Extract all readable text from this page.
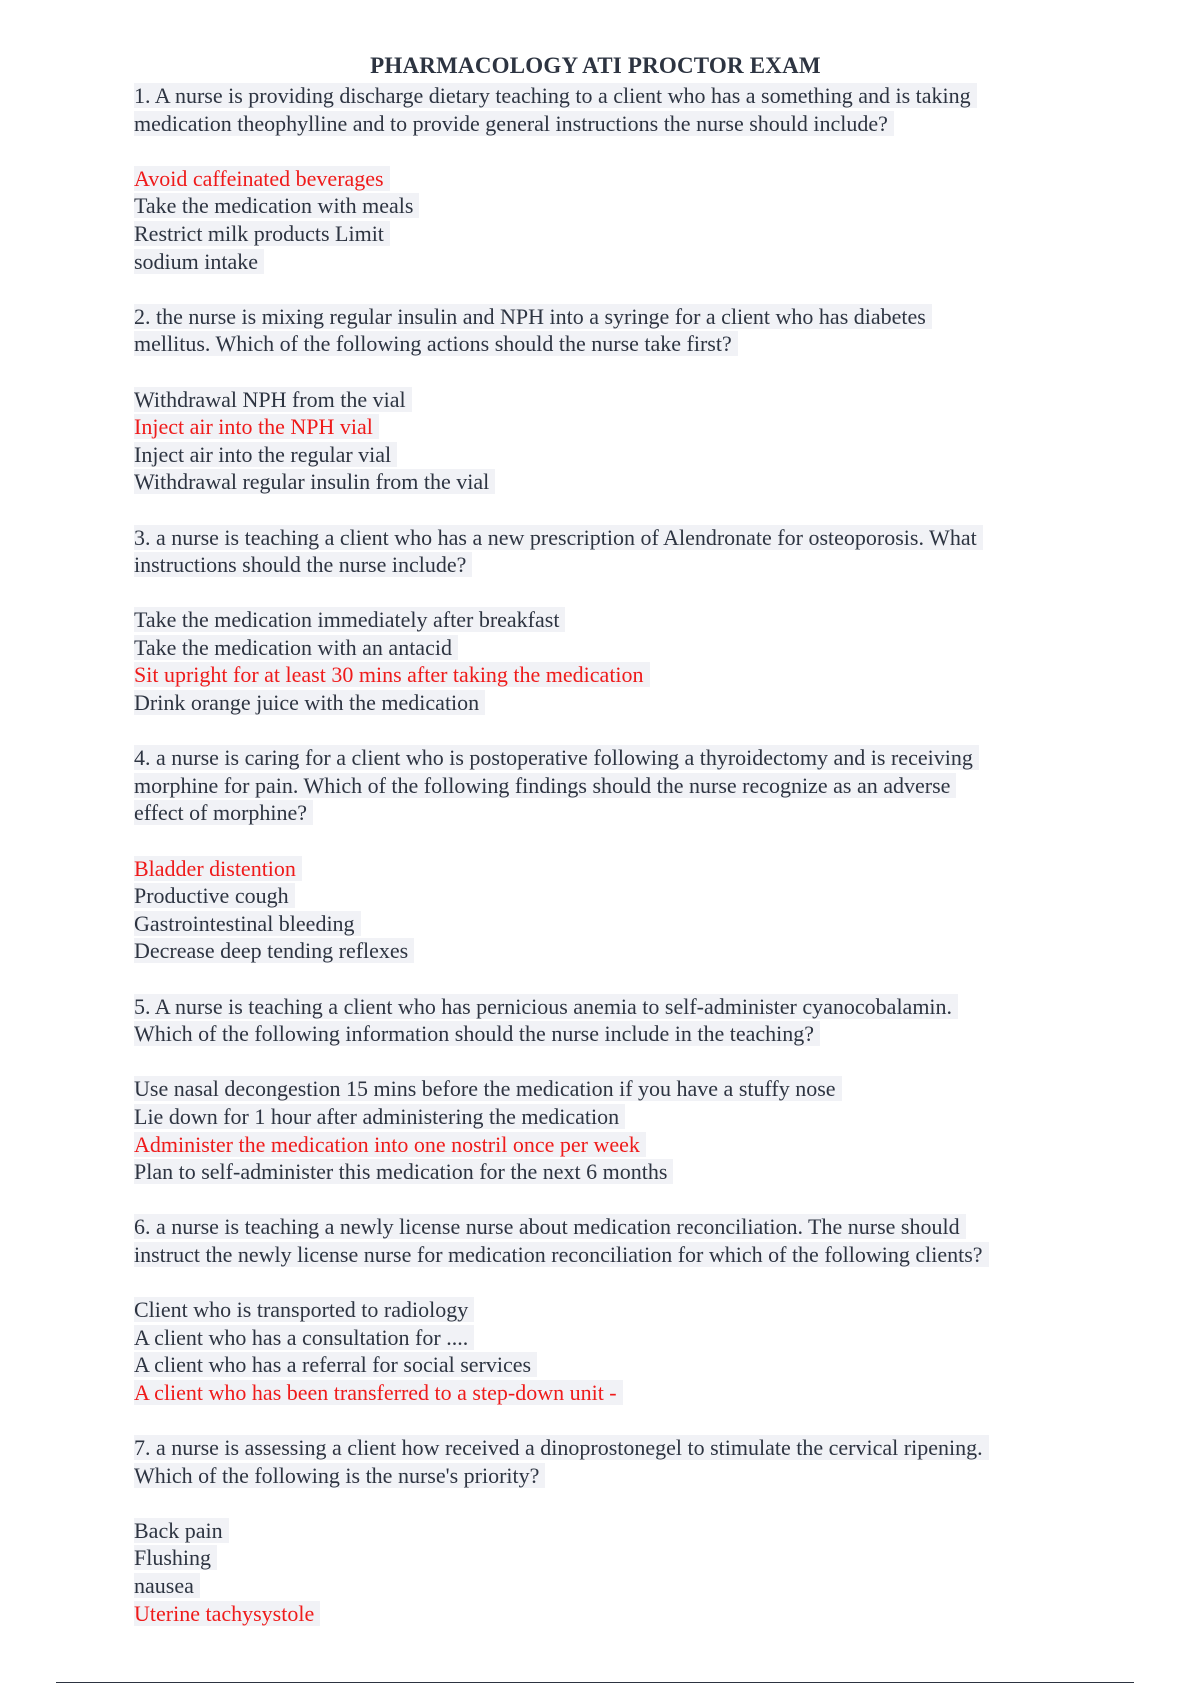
PHARMACOLOGY ATI PROCTOR EXAM
1. A nurse is providing discharge dietary teaching to a client who has a something and is taking
medication theophylline and to provide general instructions the nurse should include?
Avoid caffeinated beverages
Take the medication with meals
Restrict milk products Limit
sodium intake
2. the nurse is mixing regular insulin and NPH into a syringe for a client who has diabetes
mellitus. Which of the following actions should the nurse take first?
Withdrawal NPH from the vial
Inject air into the NPH vial
Inject air into the regular vial
Withdrawal regular insulin from the vial
3. a nurse is teaching a client who has a new prescription of Alendronate for osteoporosis. What
instructions should the nurse include?
Take the medication immediately after breakfast
Take the medication with an antacid
Sit upright for at least 30 mins after taking the medication
Drink orange juice with the medication
4. a nurse is caring for a client who is postoperative following a thyroidectomy and is receiving
morphine for pain. Which of the following findings should the nurse recognize as an adverse
effect of morphine?
Bladder distention
Productive cough
Gastrointestinal bleeding
Decrease deep tending reflexes
5. A nurse is teaching a client who has pernicious anemia to self-administer cyanocobalamin.
Which of the following information should the nurse include in the teaching?
Use nasal decongestion 15 mins before the medication if you have a stuffy nose
Lie down for 1 hour after administering the medication
Administer the medication into one nostril once per week
Plan to self-administer this medication for the next 6 months
6. a nurse is teaching a newly license nurse about medication reconciliation. The nurse should
instruct the newly license nurse for medication reconciliation for which of the following clients?
Client who is transported to radiology
A client who has a consultation for ....
A client who has a referral for social services
A client who has been transferred to a step-down unit -
7. a nurse is assessing a client how received a dinoprostonegel to stimulate the cervical ripening.
Which of the following is the nurse's priority?
Back pain
Flushing
nausea
Uterine tachysystole
